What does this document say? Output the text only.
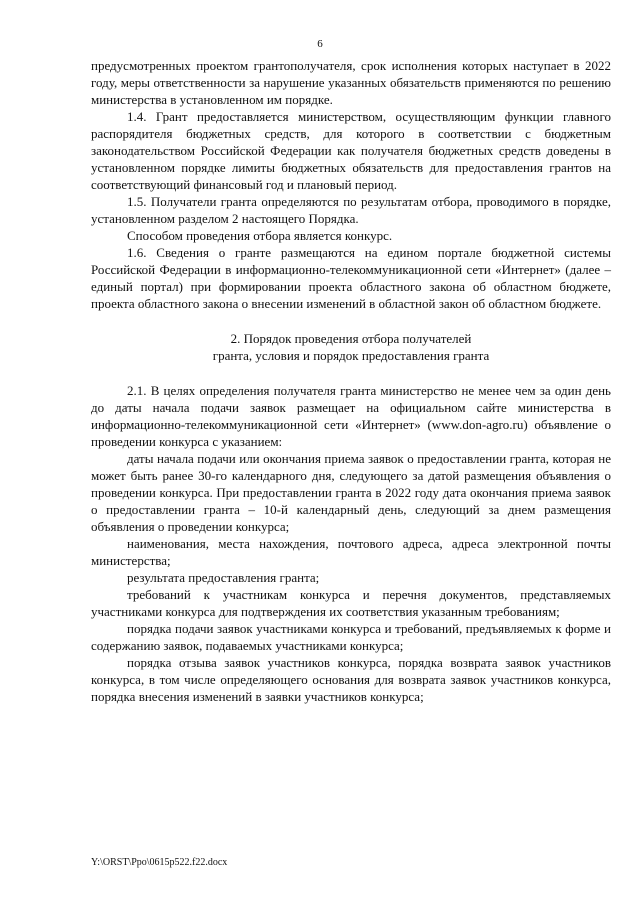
6

предусмотренных проектом грантополучателя, срок исполнения которых наступает в 2022 году, меры ответственности за нарушение указанных обязательств применяются по решению министерства в установленном им порядке.

1.4. Грант предоставляется министерством, осуществляющим функции главного распорядителя бюджетных средств, для которого в соответствии с бюджетным законодательством Российской Федерации как получателя бюджетных средств доведены в установленном порядке лимиты бюджетных обязательств для предоставления грантов на соответствующий финансовый год и плановый период.

1.5. Получатели гранта определяются по результатам отбора, проводимого в порядке, установленном разделом 2 настоящего Порядка.

Способом проведения отбора является конкурс.

1.6. Сведения о гранте размещаются на едином портале бюджетной системы Российской Федерации в информационно-телекоммуникационной сети «Интернет» (далее – единый портал) при формировании проекта областного закона об областном бюджете, проекта областного закона о внесении изменений в областной закон об областном бюджете.

2. Порядок проведения отбора получателей
гранта, условия и порядок предоставления гранта

2.1. В целях определения получателя гранта министерство не менее чем за один день до даты начала подачи заявок размещает на официальном сайте министерства в информационно-телекоммуникационной сети «Интернет» (www.don-agro.ru) объявление о проведении конкурса с указанием:

даты начала подачи или окончания приема заявок о предоставлении гранта, которая не может быть ранее 30-го календарного дня, следующего за датой размещения объявления о проведении конкурса. При предоставлении гранта в 2022 году дата окончания приема заявок о предоставлении гранта – 10-й календарный день, следующий за днем размещения объявления о проведении конкурса;

наименования, места нахождения, почтового адреса, адреса электронной почты министерства;

результата предоставления гранта;

требований к участникам конкурса и перечня документов, представляемых участниками конкурса для подтверждения их соответствия указанным требованиям;

порядка подачи заявок участниками конкурса и требований, предъявляемых к форме и содержанию заявок, подаваемых участниками конкурса;

порядка отзыва заявок участников конкурса, порядка возврата заявок участников конкурса, в том числе определяющего основания для возврата заявок участников конкурса, порядка внесения изменений в заявки участников конкурса;

Y:\ORST\Ppo\0615p522.f22.docx
